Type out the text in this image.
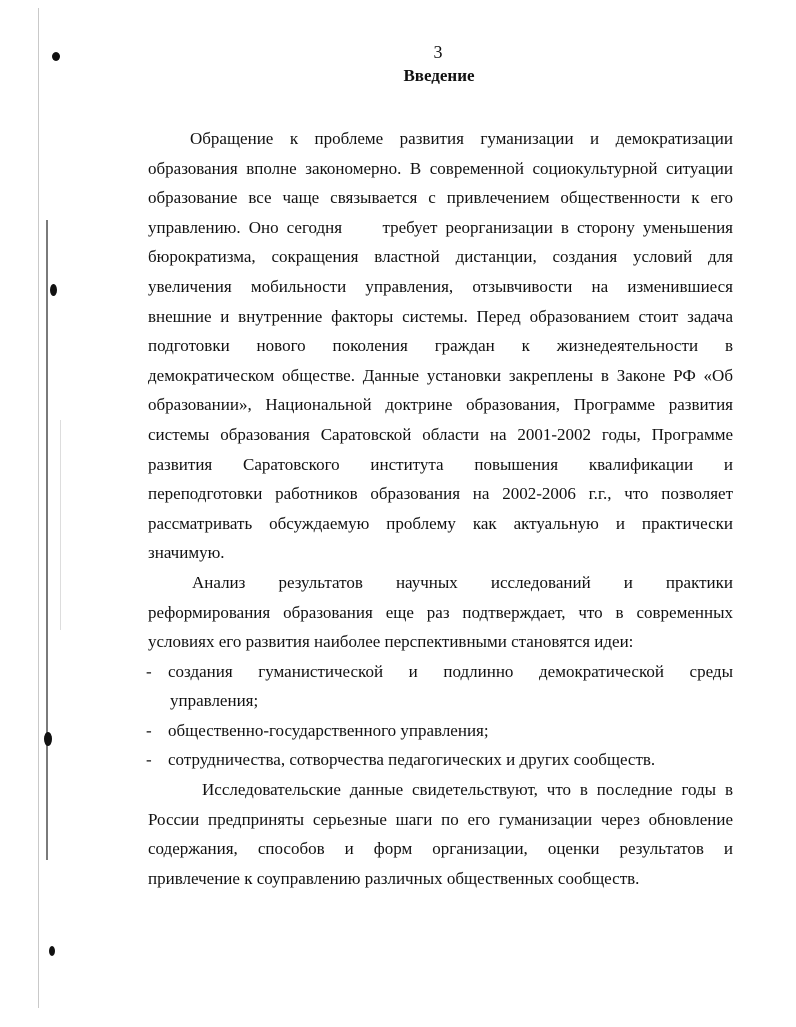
3
Введение
Обращение к проблеме развития гуманизации и демократизации
образования вполне закономерно. В современной социокультурной ситуации
образование все чаще связывается с привлечением общественности к его
управлению. Оно сегодня     требует реорганизации в сторону уменьшения
бюрократизма, сокращения властной дистанции, создания условий для
увеличения мобильности управления, отзывчивости на изменившиеся
внешние и внутренние факторы системы. Перед образованием стоит задача
подготовки нового поколения граждан к жизнедеятельности в
демократическом обществе. Данные установки закреплены в Законе РФ «Об
образовании», Национальной доктрине образования, Программе развития
системы образования Саратовской области на 2001-2002 годы, Программе
развития Саратовского института повышения квалификации и
переподготовки работников образования на 2002-2006 г.г., что позволяет
рассматривать обсуждаемую проблему как актуальную и практически
значимую.
Анализ результатов научных исследований и практики
реформирования образования еще раз подтверждает, что в современных
условиях его развития наиболее перспективными становятся идеи:
- создания гуманистической и подлинно демократической среды
управления;
- общественно-государственного управления;
- сотрудничества, сотворчества педагогических и других сообществ.
Исследовательские данные свидетельствуют, что в последние годы в
России предприняты серьезные шаги по его гуманизации через обновление
содержания, способов и форм организации, оценки результатов и
привлечение к соуправлению различных общественных сообществ.
